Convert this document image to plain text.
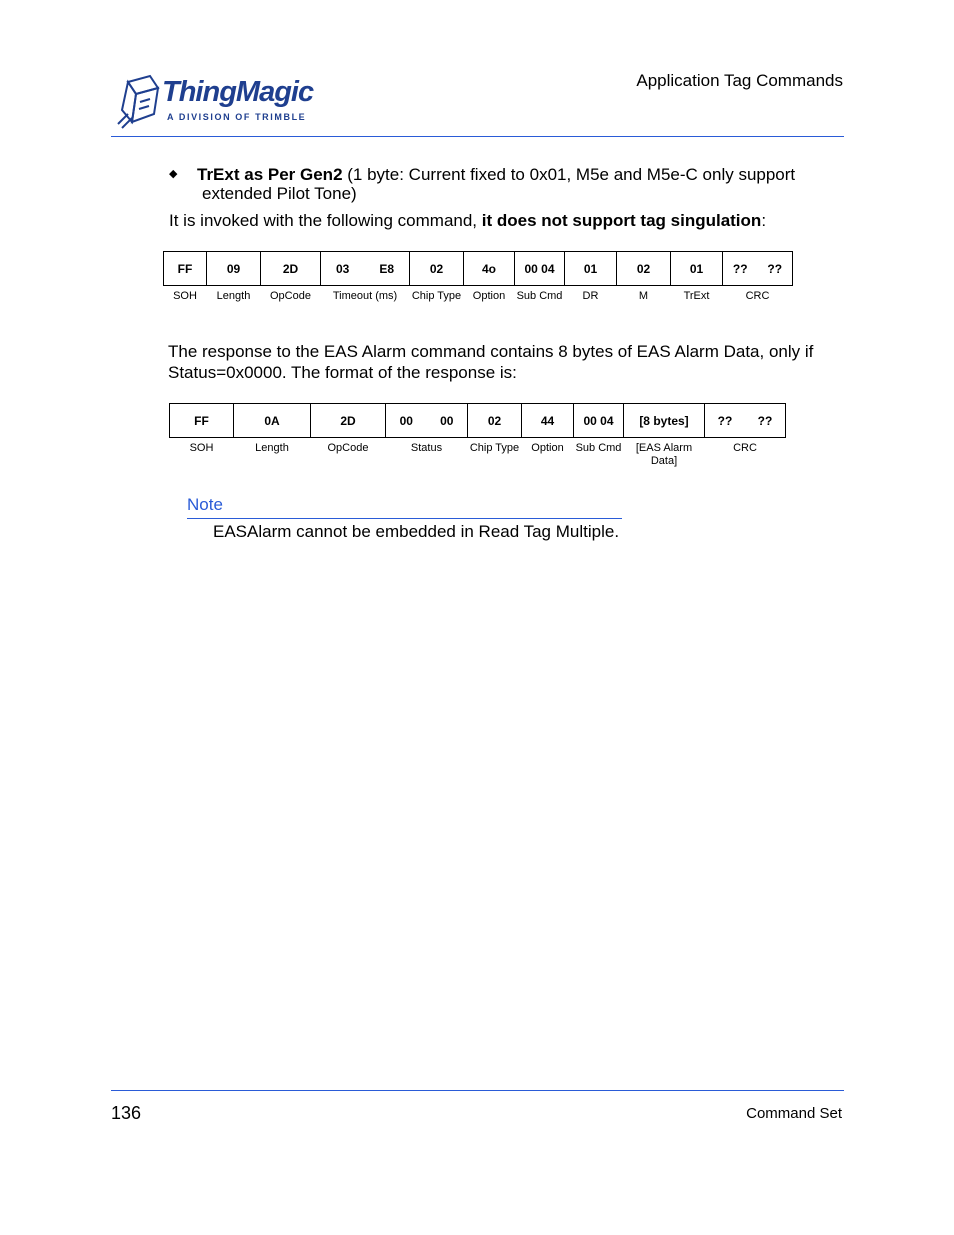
ThingMagic
A DIVISION OF TRIMBLE
Application Tag Commands
◆ TrExt as Per Gen2 (1 byte: Current fixed to 0x01, M5e and M5e-C only support
extended Pilot Tone)
It is invoked with the following command, it does not support tag singulation:
FF	09	2D	03 E8	02	4o	00 04	01	02	01	?? ??

SOH	Length	OpCode	Timeout (ms)	Chip Type	Option	Sub Cmd	DR	M	TrExt	CRC
The response to the EAS Alarm command contains 8 bytes of EAS Alarm Data, only if
Status=0x0000. The format of the response is:
FF	0A	2D	00 00	02	44	00 04	[8 bytes]	?? ??

SOH	Length	OpCode	Status	Chip Type	Option	Sub Cmd	[EAS Alarm Data]	CRC
Note
EASAlarm cannot be embedded in Read Tag Multiple.
136	Command Set
